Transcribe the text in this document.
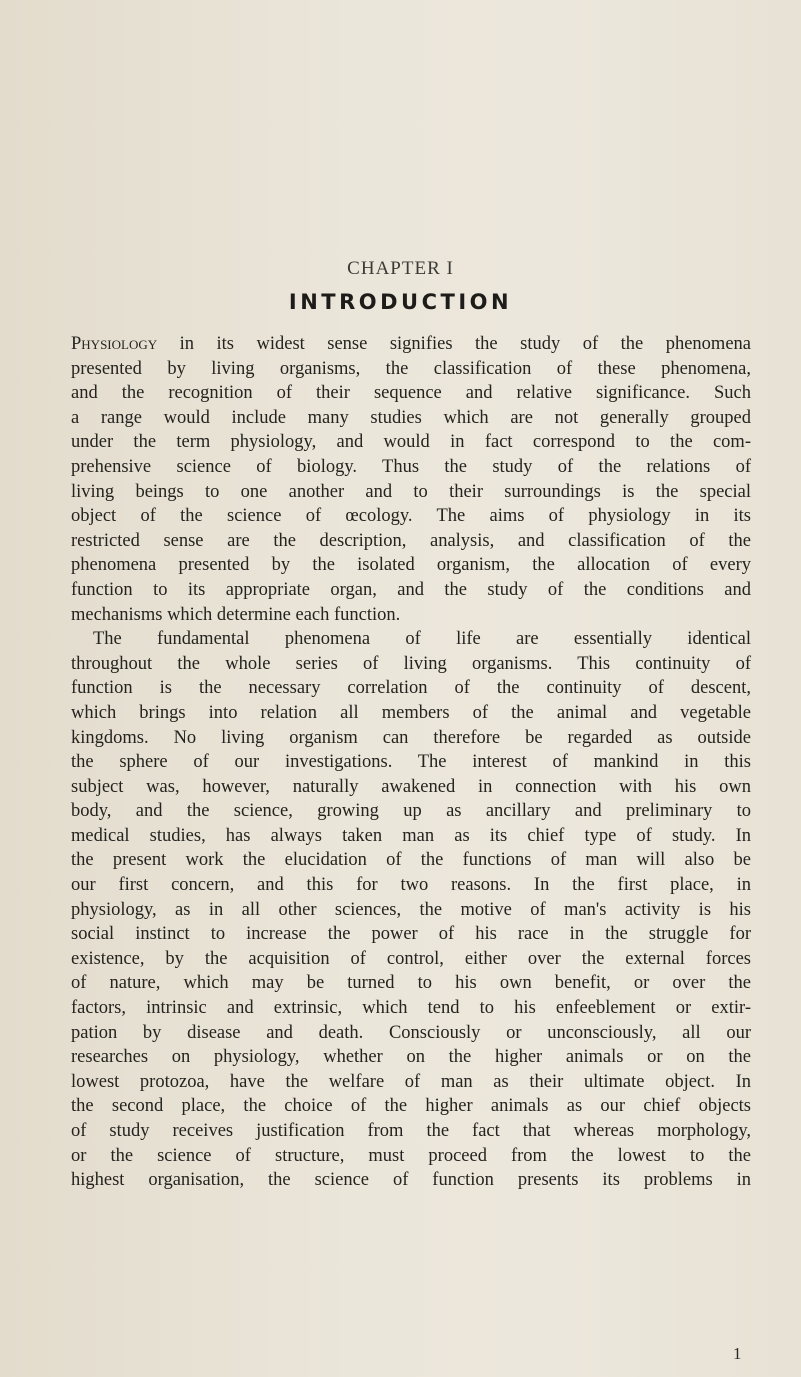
CHAPTER I
INTRODUCTION
Physiology in its widest sense signifies the study of the phenomena
presented by living organisms, the classification of these phenomena,
and the recognition of their sequence and relative significance. Such
a range would include many studies which are not generally grouped
under the term physiology, and would in fact correspond to the com-
prehensive science of biology. Thus the study of the relations of
living beings to one another and to their surroundings is the special
object of the science of œcology. The aims of physiology in its
restricted sense are the description, analysis, and classification of the
phenomena presented by the isolated organism, the allocation of every
function to its appropriate organ, and the study of the conditions and
mechanisms which determine each function.
The fundamental phenomena of life are essentially identical
throughout the whole series of living organisms. This continuity of
function is the necessary correlation of the continuity of descent,
which brings into relation all members of the animal and vegetable
kingdoms. No living organism can therefore be regarded as outside
the sphere of our investigations. The interest of mankind in this
subject was, however, naturally awakened in connection with his own
body, and the science, growing up as ancillary and preliminary to
medical studies, has always taken man as its chief type of study. In
the present work the elucidation of the functions of man will also be
our first concern, and this for two reasons. In the first place, in
physiology, as in all other sciences, the motive of man's activity is his
social instinct to increase the power of his race in the struggle for
existence, by the acquisition of control, either over the external forces
of nature, which may be turned to his own benefit, or over the
factors, intrinsic and extrinsic, which tend to his enfeeblement or extir-
pation by disease and death. Consciously or unconsciously, all our
researches on physiology, whether on the higher animals or on the
lowest protozoa, have the welfare of man as their ultimate object. In
the second place, the choice of the higher animals as our chief objects
of study receives justification from the fact that whereas morphology,
or the science of structure, must proceed from the lowest to the
highest organisation, the science of function presents its problems in
1
